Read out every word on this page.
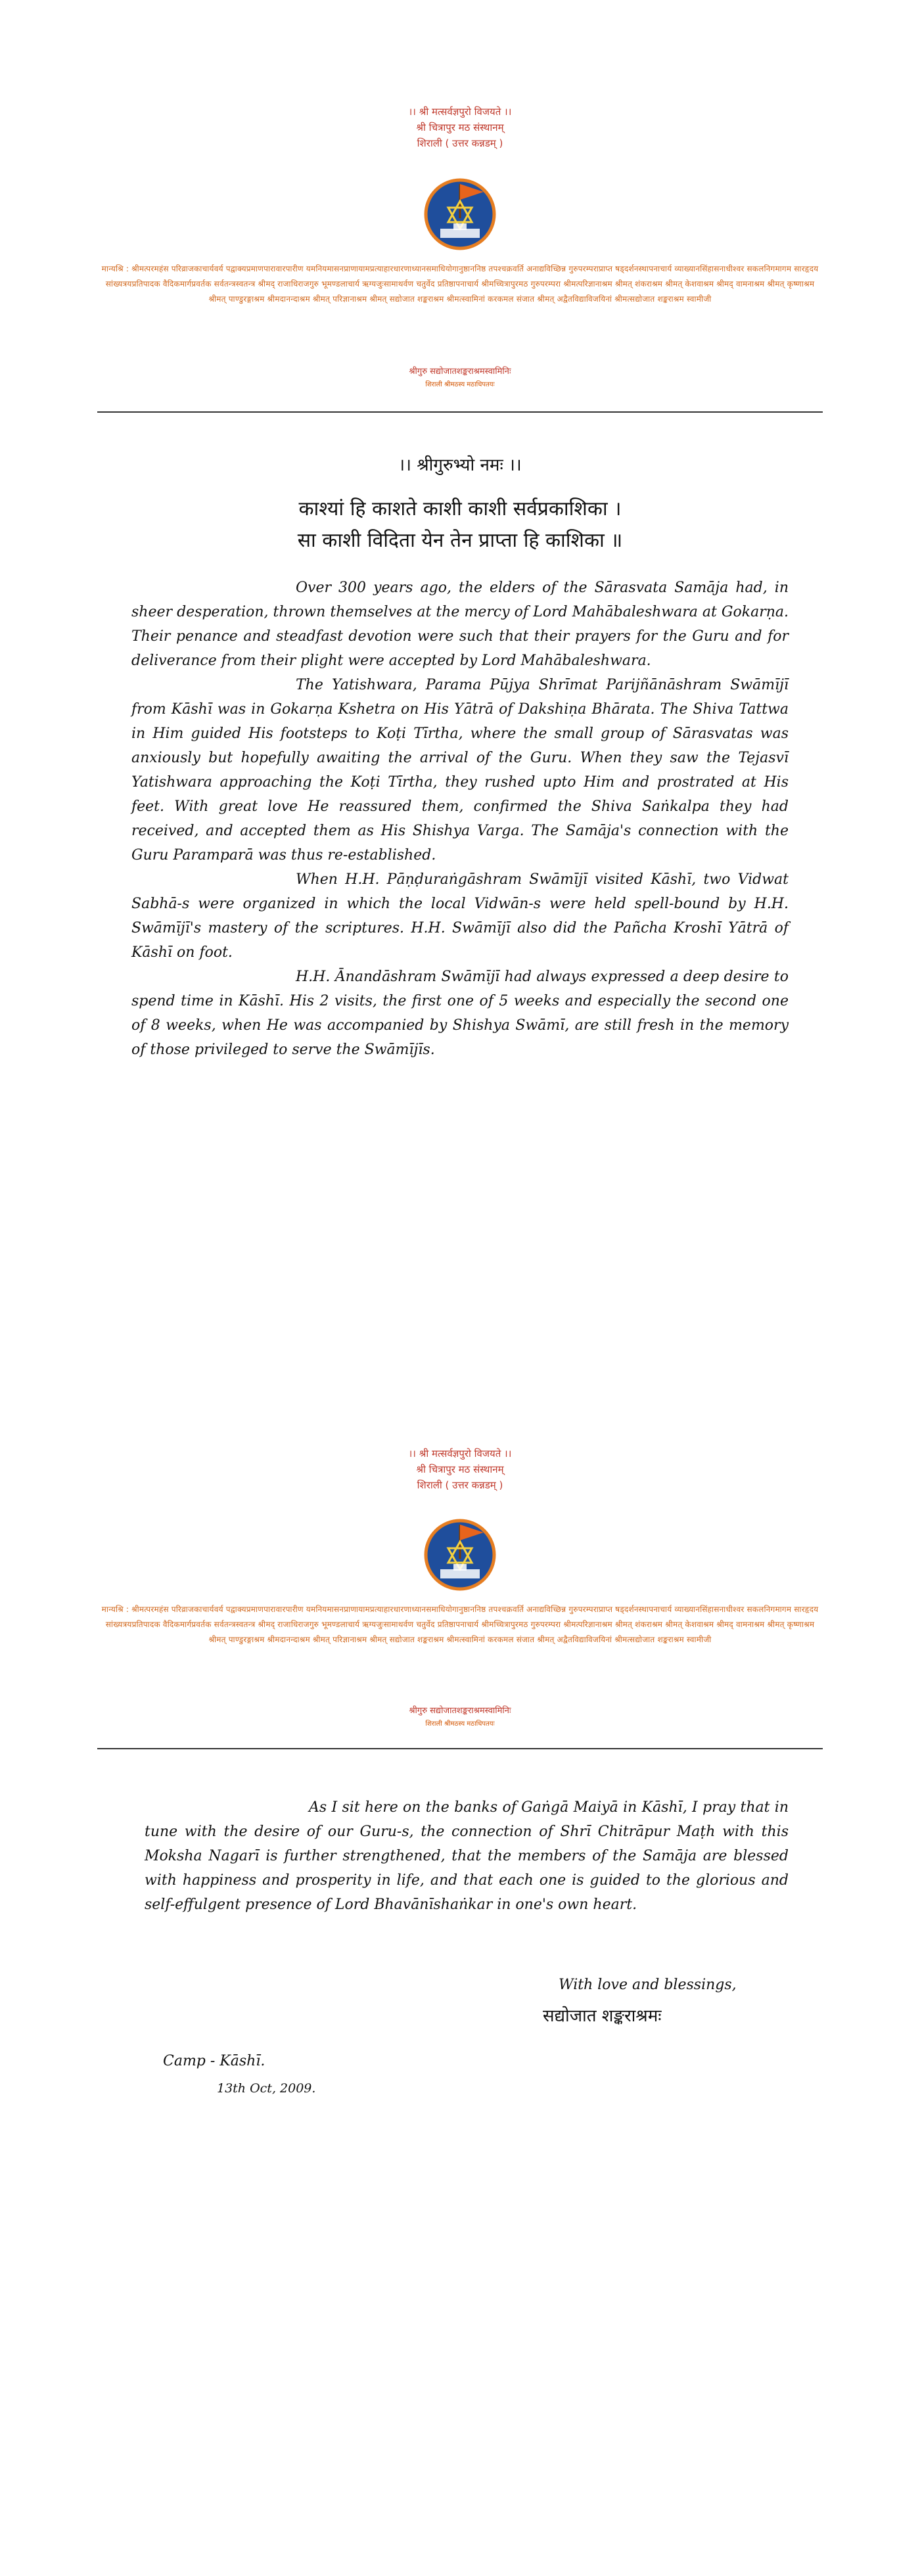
।। श्री मत्सर्वज्ञपुरो विजयते ।।
श्री चित्रापुर मठ संस्थानम्
शिराली ( उत्तर कन्नडम् )
मान्यश्रि : श्रीमत्परमहंस परिव्राजकाचार्यवर्य पद्वाक्यप्रमाणपारावारपारीण यमनियमासनप्राणायामप्रत्याहारधारणाध्यानसमाधियोगानुष्ठाननिष्ठ तपश्चक्रवर्ति अनाद्यविच्छिन्न गुरुपरम्पराप्राप्त षड्दर्शनस्थापनाचार्य व्याख्यानसिंहासनाधीश्वर सकलनिगमागम सारहृदय सांख्यत्रयप्रतिपादक वैदिकमार्गप्रवर्तक सर्वतन्त्रस्वतन्त्र श्रीमद् राजाधिराजगुरु भूमण्डलाचार्य ऋग्यजुःसामाथर्वण चतुर्वेद प्रतिष्ठापनाचार्य श्रीमच्चित्रापुरमठ गुरुपरम्परा श्रीमत्परिज्ञानाश्रम श्रीमत् शंकराश्रम श्रीमत् केशवाश्रम श्रीमद् वामनाश्रम श्रीमत् कृष्णाश्रम श्रीमत् पाण्डुरङ्गाश्रम श्रीमदानन्दाश्रम श्रीमत् परिज्ञानाश्रम श्रीमत् सद्योजात शङ्कराश्रम श्रीमत्स्वामिनां करकमल संजात श्रीमत् अद्वैतविद्याविजयिनां श्रीमत्सद्योजात शङ्कराश्रम स्वामीजी
श्रीगुरु सद्योजातशङ्कराश्रमस्वामिनिः
शिराली श्रीमठस्य मठाधिपतयः
।। श्रीगुरुभ्यो नमः ।।
काश्यां हि काशते काशी काशी सर्वप्रकाशिका ।
सा काशी विदिता येन तेन प्राप्ता हि काशिका ॥

Over 300 years ago, the elders of the Sārasvata Samāja had, in sheer desperation, thrown themselves at the mercy of Lord Mahābaleshwara at Gokarṇa. Their penance and steadfast devotion were such that their prayers for the Guru and for deliverance from their plight were accepted by Lord Mahābaleshwara.

The Yatishwara, Parama Pūjya Shrīmat Parijñānāshram Swāmījī from Kāshī was in Gokarṇa Kshetra on His Yātrā of Dakshiṇa Bhārata. The Shiva Tattwa in Him guided His footsteps to Koṭi Tīrtha, where the small group of Sārasvatas was anxiously but hopefully awaiting the arrival of the Guru. When they saw the Tejasvī Yatishwara approaching the Koṭi Tīrtha, they rushed upto Him and prostrated at His feet. With great love He reassured them, confirmed the Shiva Saṅkalpa they had received, and accepted them as His Shishya Varga. The Samāja's connection with the Guru Paramparā was thus re-established.

When H.H. Pāṇḍuraṅgāshram Swāmījī visited Kāshī, two Vidwat Sabhā-s were organized in which the local Vidwān-s were held spell-bound by H.H. Swāmījī's mastery of the scriptures. H.H. Swāmījī also did the Pañcha Kroshī Yātrā of Kāshī on foot.

H.H. Ānandāshram Swāmījī had always expressed a deep desire to spend time in Kāshī. His 2 visits, the first one of 5 weeks and especially the second one of 8 weeks, when He was accompanied by Shishya Swāmī, are still fresh in the memory of those privileged to serve the Swāmījīs.

।। श्री मत्सर्वज्ञपुरो विजयते ।।
श्री चित्रापुर मठ संस्थानम्
शिराली ( उत्तर कन्नडम् )
मान्यश्रि : श्रीमत्परमहंस परिव्राजकाचार्यवर्य पद्वाक्यप्रमाणपारावारपारीण यमनियमासनप्राणायामप्रत्याहारधारणाध्यानसमाधियोगानुष्ठाननिष्ठ तपश्चक्रवर्ति अनाद्यविच्छिन्न गुरुपरम्पराप्राप्त षड्दर्शनस्थापनाचार्य व्याख्यानसिंहासनाधीश्वर सकलनिगमागम सारहृदय सांख्यत्रयप्रतिपादक वैदिकमार्गप्रवर्तक सर्वतन्त्रस्वतन्त्र श्रीमद् राजाधिराजगुरु भूमण्डलाचार्य ऋग्यजुःसामाथर्वण चतुर्वेद प्रतिष्ठापनाचार्य श्रीमच्चित्रापुरमठ गुरुपरम्परा श्रीमत्परिज्ञानाश्रम श्रीमत् शंकराश्रम श्रीमत् केशवाश्रम श्रीमद् वामनाश्रम श्रीमत् कृष्णाश्रम श्रीमत् पाण्डुरङ्गाश्रम श्रीमदानन्दाश्रम श्रीमत् परिज्ञानाश्रम श्रीमत् सद्योजात शङ्कराश्रम श्रीमत्स्वामिनां करकमल संजात श्रीमत् अद्वैतविद्याविजयिनां श्रीमत्सद्योजात शङ्कराश्रम स्वामीजी
श्रीगुरु सद्योजातशङ्कराश्रमस्वामिनिः
शिराली श्रीमठस्य मठाधिपतयः

As I sit here on the banks of Gaṅgā Maiyā in Kāshī, I pray that in tune with the desire of our Guru-s, the connection of Shrī Chitrāpur Maṭh with this Moksha Nagarī is further strengthened, that the members of the Samāja are blessed with happiness and prosperity in life, and that each one is guided to the glorious and self-effulgent presence of Lord Bhavānīshaṅkar in one's own heart.

With love and blessings,
सद्योजात शङ्कराश्रमः
Camp - Kāshī.
13th Oct, 2009.
